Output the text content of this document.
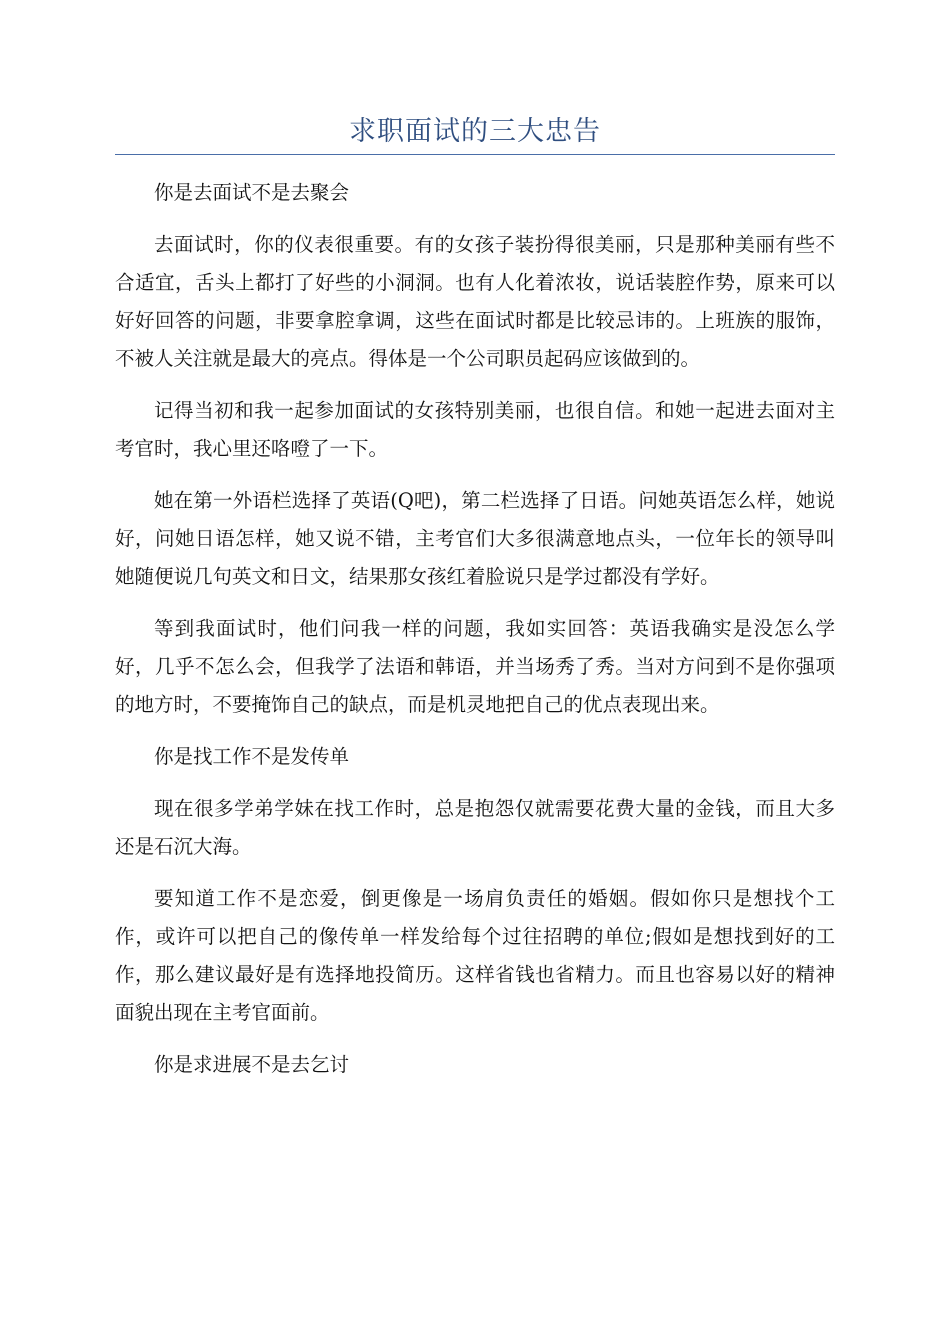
求职面试的三大忠告

你是去面试不是去聚会

去面试时，你的仪表很重要。有的女孩子装扮得很美丽，只是那种美丽有些不合适宜，舌头上都打了好些的小洞洞。也有人化着浓妆，说话装腔作势，原来可以好好回答的问题，非要拿腔拿调，这些在面试时都是比较忌讳的。上班族的服饰，不被人关注就是最大的亮点。得体是一个公司职员起码应该做到的。

记得当初和我一起参加面试的女孩特别美丽，也很自信。和她一起进去面对主考官时，我心里还咯噔了一下。

她在第一外语栏选择了英语(Q吧)，第二栏选择了日语。问她英语怎么样，她说好，问她日语怎样，她又说不错，主考官们大多很满意地点头，一位年长的领导叫她随便说几句英文和日文，结果那女孩红着脸说只是学过都没有学好。

等到我面试时，他们问我一样的问题，我如实回答：英语我确实是没怎么学好，几乎不怎么会，但我学了法语和韩语，并当场秀了秀。当对方问到不是你强项的地方时，不要掩饰自己的缺点，而是机灵地把自己的优点表现出来。

你是找工作不是发传单

现在很多学弟学妹在找工作时，总是抱怨仅就需要花费大量的金钱，而且大多还是石沉大海。

要知道工作不是恋爱，倒更像是一场肩负责任的婚姻。假如你只是想找个工作，或许可以把自己的像传单一样发给每个过往招聘的单位;假如是想找到好的工作，那么建议最好是有选择地投简历。这样省钱也省精力。而且也容易以好的精神面貌出现在主考官面前。

你是求进展不是去乞讨
